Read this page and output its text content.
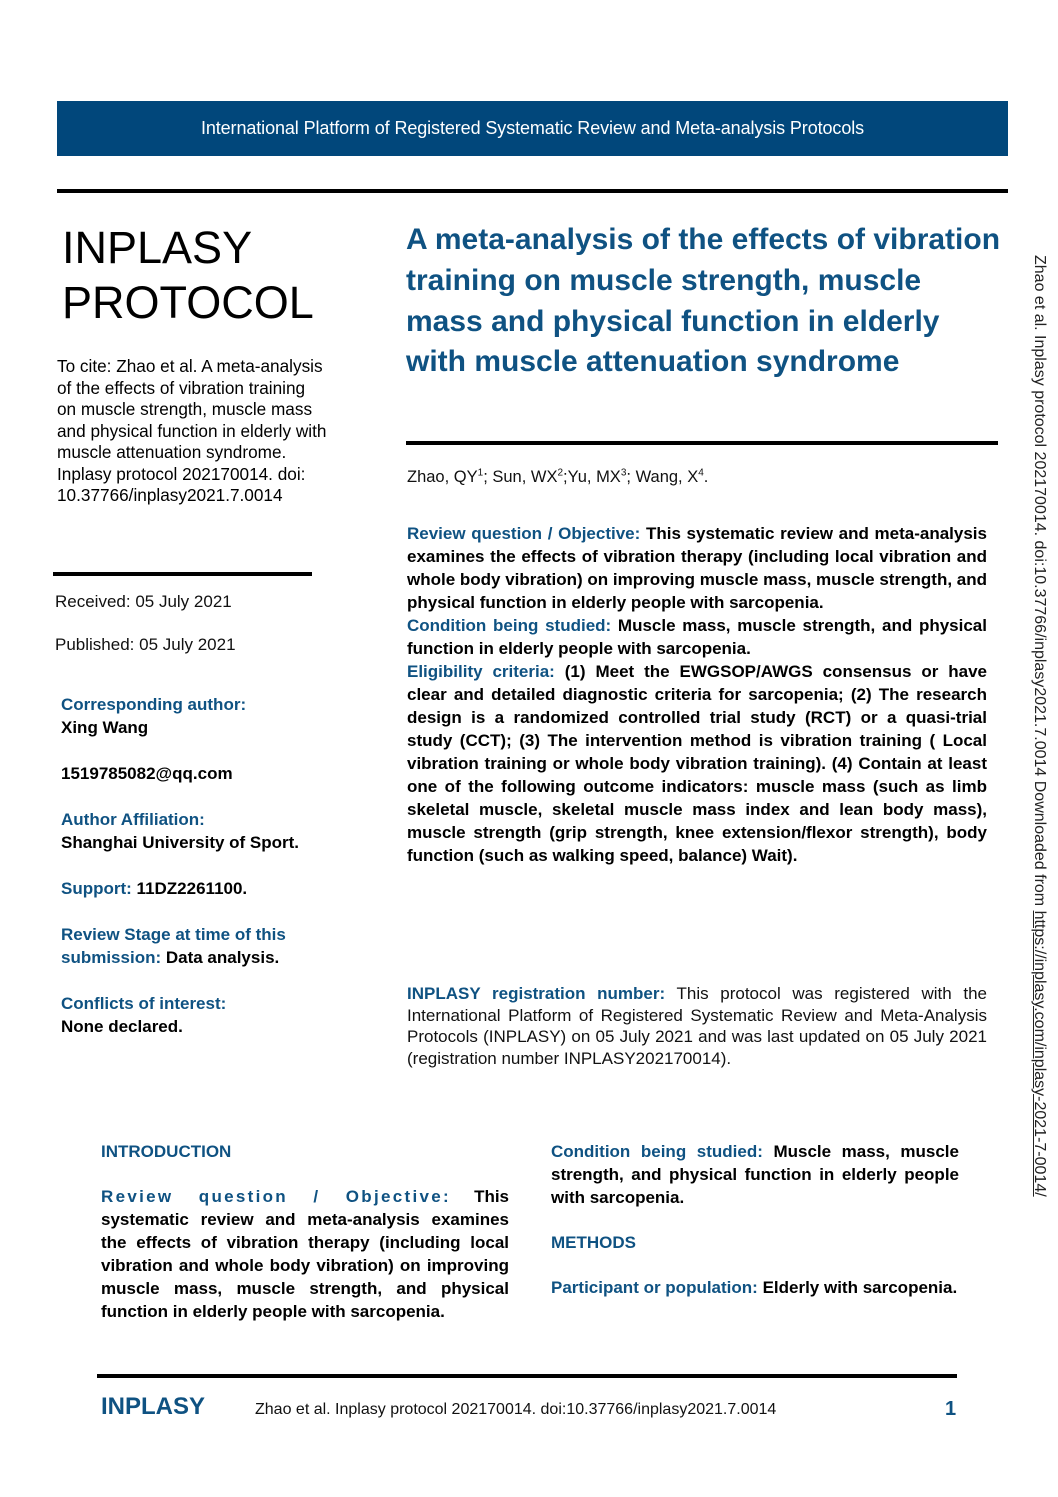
International Platform of Registered Systematic Review and Meta-analysis Protocols
INPLASY
PROTOCOL
To cite: Zhao et al. A meta-analysis of the effects of vibration training on muscle strength, muscle mass and physical function in elderly with muscle attenuation syndrome. Inplasy protocol 202170014. doi: 10.37766/inplasy2021.7.0014
Received: 05 July 2021
Published: 05 July 2021
Corresponding author:
Xing Wang
1519785082@qq.com
Author Affiliation:
Shanghai University of Sport.
Support: 11DZ2261100.
Review Stage at time of this submission: Data analysis.
Conflicts of interest:
None declared.
A meta-analysis of the effects of vibration training on muscle strength, muscle mass and physical function in elderly with muscle attenuation syndrome
Zhao, $QY^1$; Sun, $WX^2;Yu$, $MX^3$; Wang, $X^4$.

Review question / Objective: This systematic review and meta-analysis examines the effects of vibration therapy (including local vibration and whole body vibration) on improving muscle mass, muscle strength, and physical function in elderly people with sarcopenia.

Condition being studied: Muscle mass, muscle strength, and physical function in elderly people with sarcopenia.

Eligibility criteria: (1) Meet the EWGSOP/AWGS consensus or have clear and detailed diagnostic criteria for sarcopenia; (2) The research design is a randomized controlled trial study (RCT) or a quasi-trial study (CCT); (3) The intervention method is vibration training ( Local vibration training or whole body vibration training). (4) Contain at least one of the following outcome indicators: muscle mass (such as limb skeletal muscle, skeletal muscle mass index and lean body mass), muscle strength (grip strength, knee extension/flexor strength), body function (such as walking speed, balance) Wait).

INPLASY registration number: This protocol was registered with the International Platform of Registered Systematic Review and Meta-Analysis Protocols (INPLASY) on 05 July 2021 and was last updated on 05 July 2021 (registration number INPLASY202170014).
INTRODUCTION

Review question / Objective: This systematic review and meta-analysis examines the effects of vibration therapy (including local vibration and whole body vibration) on improving muscle mass, muscle strength, and physical function in elderly people with sarcopenia.

Condition being studied: Muscle mass, muscle strength, and physical function in elderly people with sarcopenia.

METHODS

Participant or population: Elderly with sarcopenia.

INPLASY	Zhao et al. Inplasy protocol 202170014. doi:10.37766/inplasy2021.7.0014	1
Zhao et al. Inplasy protocol 202170014. doi:10.37766/inplasy2021.7.0014 Downloaded from https://inplasy.com/inplasy-2021-7-0014/
